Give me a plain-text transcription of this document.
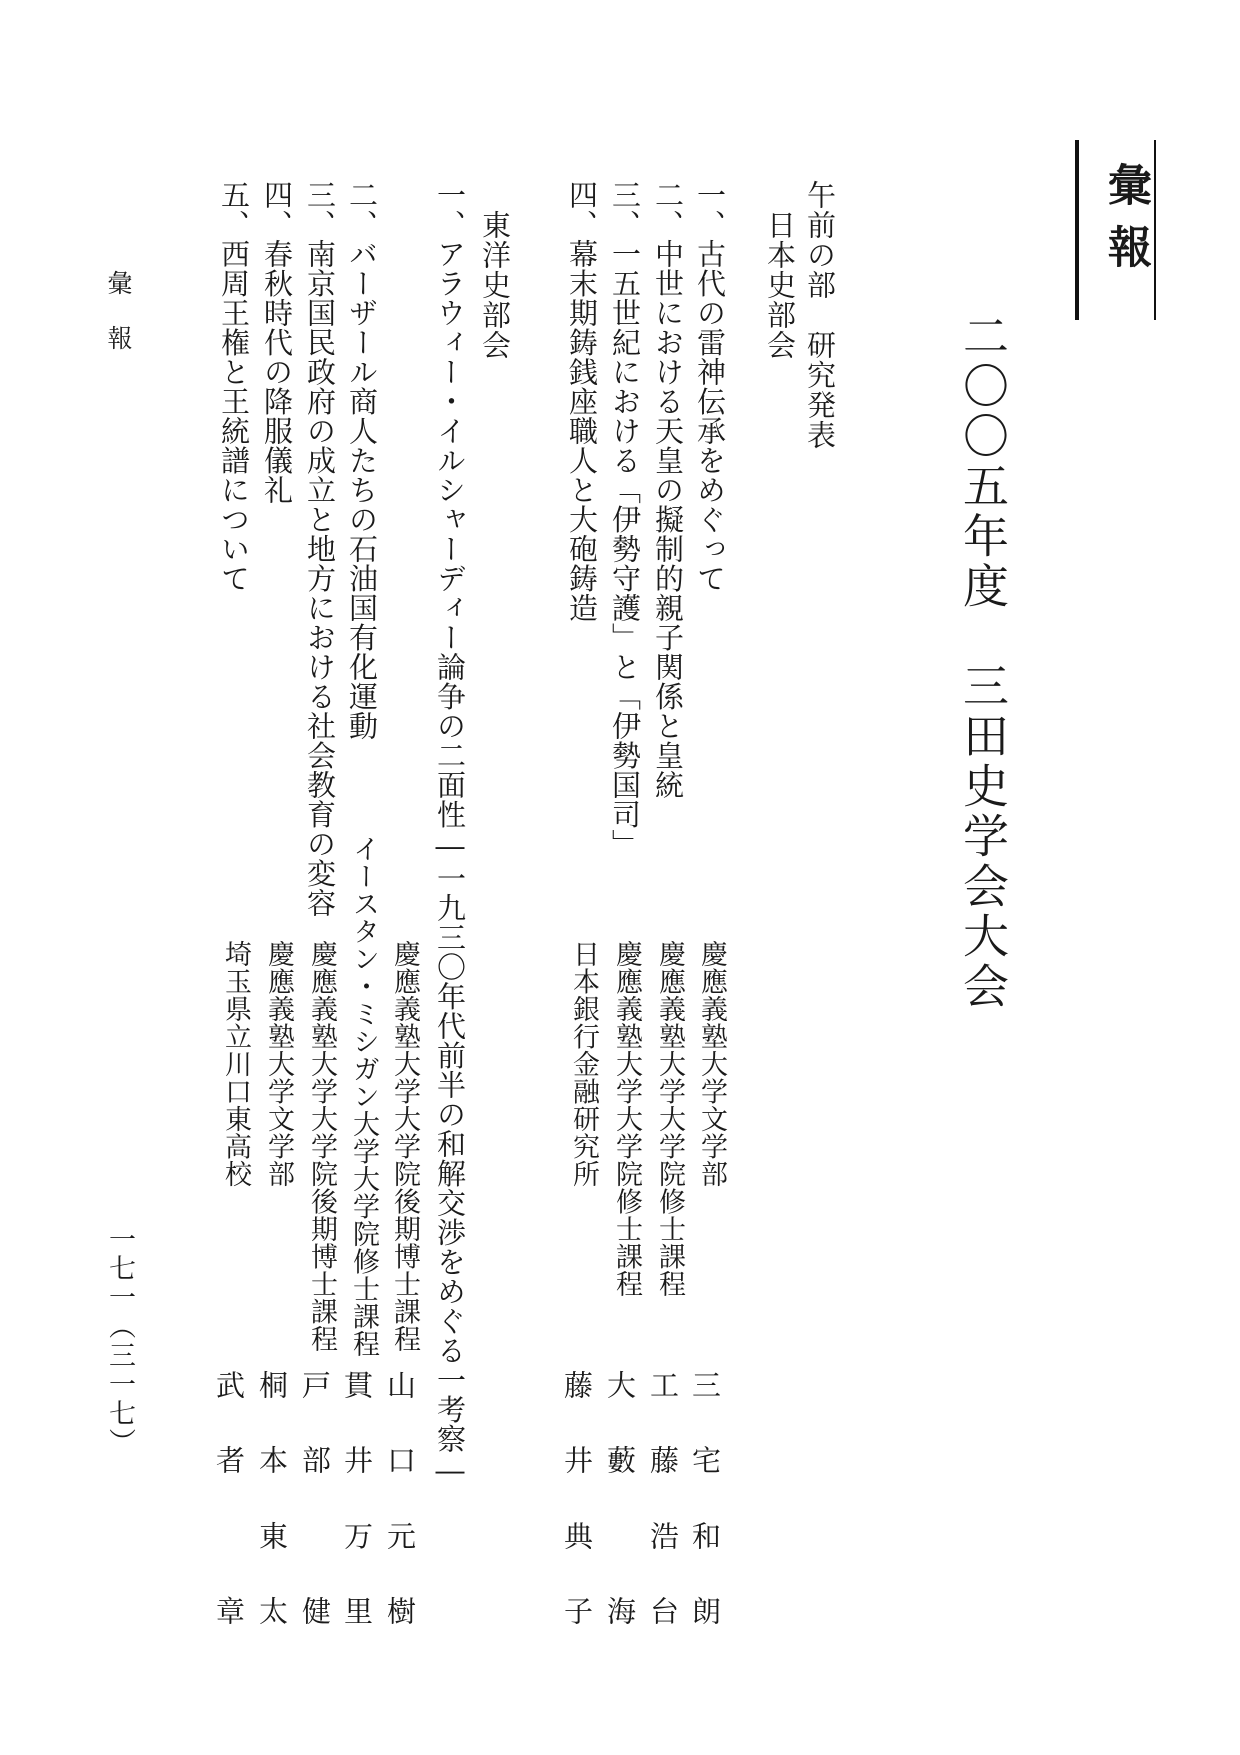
彙報
二〇〇五年度　三田史学会大会
午前の部　研究発表
日本史部会
一、古代の雷神伝承をめぐって
慶應義塾大学文学部
三
宅
和
朗
二、中世における天皇の擬制的親子関係と皇統
慶應義塾大学大学院修士課程
工
藤
浩
台
三、一五世紀における「伊勢守護」と「伊勢国司」
慶應義塾大学大学院修士課程
大
藪

海
四、幕末期鋳銭座職人と大砲鋳造
日本銀行金融研究所
藤
井
典
子
東洋史部会
一、アラウィー・イルシャーディー論争の二面性―一九三〇年代前半の和解交渉をめぐる一考察―
慶應義塾大学大学院後期博士課程
山
口
元
樹
二、バーザール商人たちの石油国有化運動
イースタン・ミシガン大学大学院修士課程
貫
井
万
里
三、南京国民政府の成立と地方における社会教育の変容
慶應義塾大学大学院後期博士課程
戸
部

健
四、春秋時代の降服儀礼
慶應義塾大学文学部
桐
本
東
太
五、西周王権と王統譜について
埼玉県立川口東高校
武
者

章
彙報
一七一（三一七）
